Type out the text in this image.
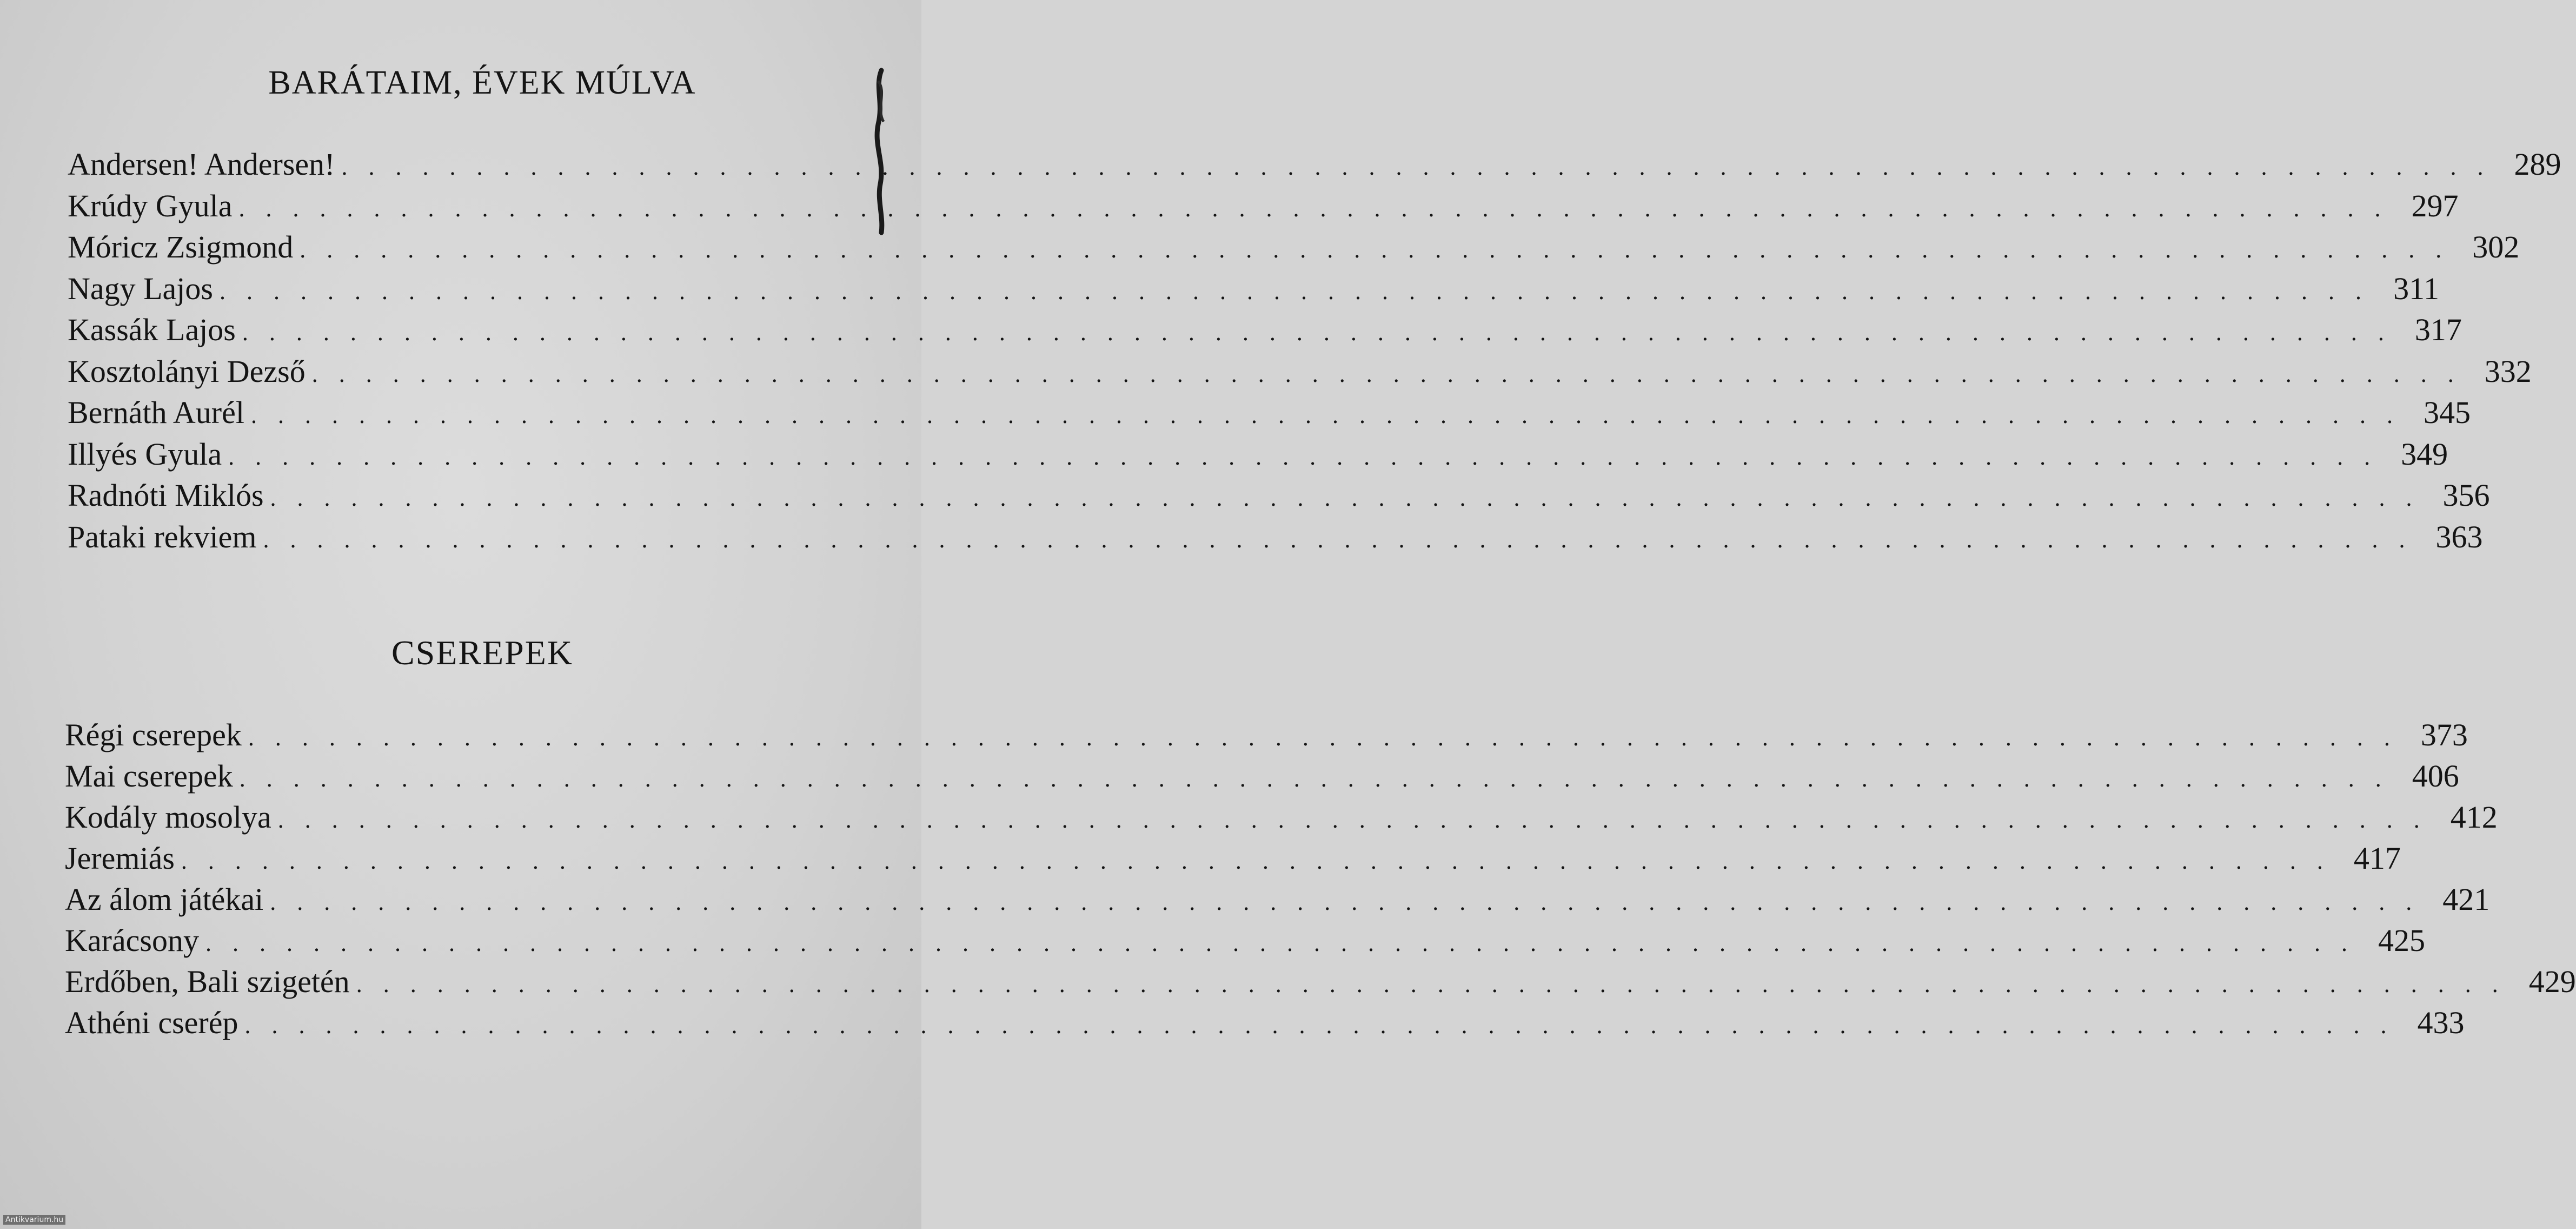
BARÁTAIM, ÉVEK MÚLVA
Andersen! Andersen! . . . . . . . . . . . . . . . . . . . . . . . . . . . . . . . . . . . . . . . . . . . . . . . . . . . . . . . . . . . . . . . . . . . . . . . . . . . . . . . . 289
Krúdy Gyula . . . . . . . . . . . . . . . . . . . . . . . . . . . . . . . . . . . . . . . . . . . . . . . . . . . . . . . . . . . . . . . . . . . . . . . . . . . . . . . . 297
Móricz Zsigmond . . . . . . . . . . . . . . . . . . . . . . . . . . . . . . . . . . . . . . . . . . . . . . . . . . . . . . . . . . . . . . . . . . . . . . . . . . . . . . . . 302
Nagy Lajos . . . . . . . . . . . . . . . . . . . . . . . . . . . . . . . . . . . . . . . . . . . . . . . . . . . . . . . . . . . . . . . . . . . . . . . . . . . . . . . . 311
Kassák Lajos . . . . . . . . . . . . . . . . . . . . . . . . . . . . . . . . . . . . . . . . . . . . . . . . . . . . . . . . . . . . . . . . . . . . . . . . . . . . . . . . 317
Kosztolányi Dezső . . . . . . . . . . . . . . . . . . . . . . . . . . . . . . . . . . . . . . . . . . . . . . . . . . . . . . . . . . . . . . . . . . . . . . . . . . . . . . . . 332
Bernáth Aurél . . . . . . . . . . . . . . . . . . . . . . . . . . . . . . . . . . . . . . . . . . . . . . . . . . . . . . . . . . . . . . . . . . . . . . . . . . . . . . . . 345
Illyés Gyula . . . . . . . . . . . . . . . . . . . . . . . . . . . . . . . . . . . . . . . . . . . . . . . . . . . . . . . . . . . . . . . . . . . . . . . . . . . . . . . . 349
Radnóti Miklós . . . . . . . . . . . . . . . . . . . . . . . . . . . . . . . . . . . . . . . . . . . . . . . . . . . . . . . . . . . . . . . . . . . . . . . . . . . . . . . . 356
Pataki rekviem . . . . . . . . . . . . . . . . . . . . . . . . . . . . . . . . . . . . . . . . . . . . . . . . . . . . . . . . . . . . . . . . . . . . . . . . . . . . . . . . 363
CSEREPEK
Régi cserepek . . . . . . . . . . . . . . . . . . . . . . . . . . . . . . . . . . . . . . . . . . . . . . . . . . . . . . . . . . . . . . . . . . . . . . . . . . . . . . . . 373
Mai cserepek . . . . . . . . . . . . . . . . . . . . . . . . . . . . . . . . . . . . . . . . . . . . . . . . . . . . . . . . . . . . . . . . . . . . . . . . . . . . . . . . 406
Kodály mosolya . . . . . . . . . . . . . . . . . . . . . . . . . . . . . . . . . . . . . . . . . . . . . . . . . . . . . . . . . . . . . . . . . . . . . . . . . . . . . . . . 412
Jeremiás . . . . . . . . . . . . . . . . . . . . . . . . . . . . . . . . . . . . . . . . . . . . . . . . . . . . . . . . . . . . . . . . . . . . . . . . . . . . . . . . 417
Az álom játékai . . . . . . . . . . . . . . . . . . . . . . . . . . . . . . . . . . . . . . . . . . . . . . . . . . . . . . . . . . . . . . . . . . . . . . . . . . . . . . . . 421
Karácsony . . . . . . . . . . . . . . . . . . . . . . . . . . . . . . . . . . . . . . . . . . . . . . . . . . . . . . . . . . . . . . . . . . . . . . . . . . . . . . . . 425
Erdőben, Bali szigetén . . . . . . . . . . . . . . . . . . . . . . . . . . . . . . . . . . . . . . . . . . . . . . . . . . . . . . . . . . . . . . . . . . . . . . . . . . . . . . . . 429
Athéni cserép . . . . . . . . . . . . . . . . . . . . . . . . . . . . . . . . . . . . . . . . . . . . . . . . . . . . . . . . . . . . . . . . . . . . . . . . . . . . . . . . 433
Antikvarium.hu
